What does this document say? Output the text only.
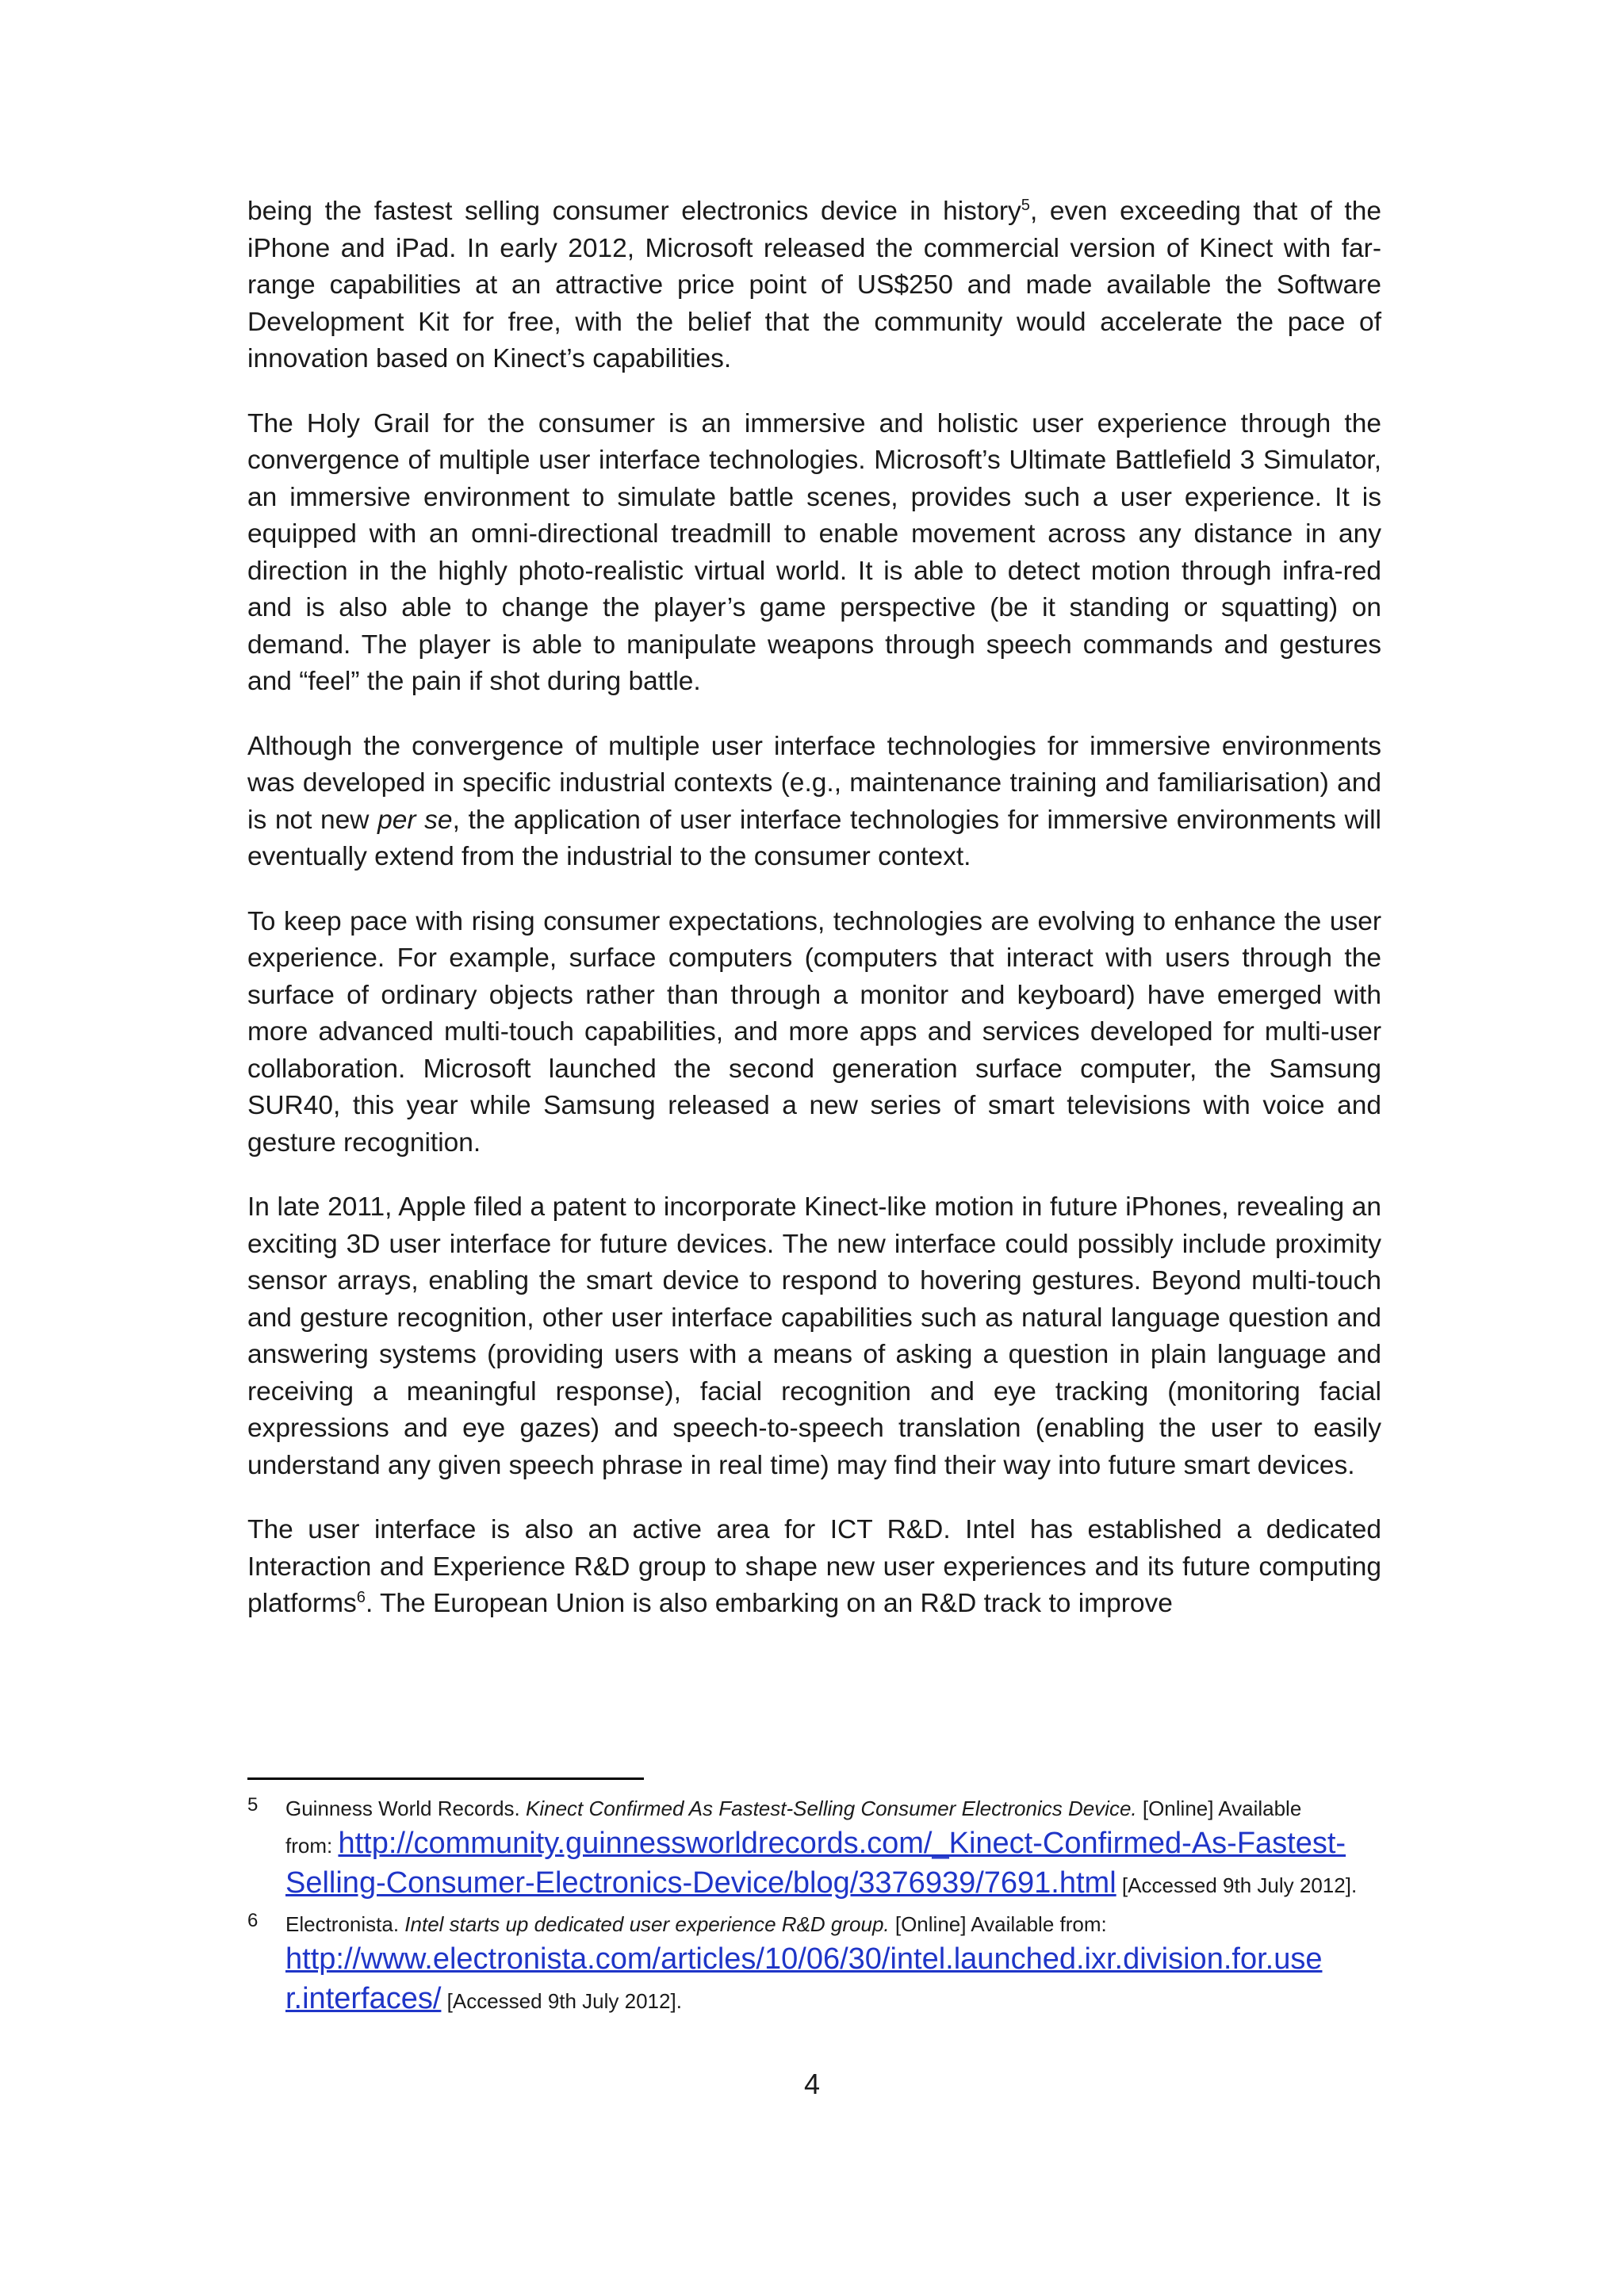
being the fastest selling consumer electronics device in history$^5$, even exceeding that of the iPhone and iPad. In early 2012, Microsoft released the commercial version of Kinect with far-range capabilities at an attractive price point of US$250 and made available the Software Development Kit for free, with the belief that the community would accelerate the pace of innovation based on Kinect’s capabilities.

The Holy Grail for the consumer is an immersive and holistic user experience through the convergence of multiple user interface technologies. Microsoft’s Ultimate Battlefield 3 Simulator, an immersive environment to simulate battle scenes, provides such a user experience. It is equipped with an omni-directional treadmill to enable movement across any distance in any direction in the highly photo-realistic virtual world. It is able to detect motion through infra-red and is also able to change the player’s game perspective (be it standing or squatting) on demand. The player is able to manipulate weapons through speech commands and gestures and “feel” the pain if shot during battle.

Although the convergence of multiple user interface technologies for immersive environments was developed in specific industrial contexts (e.g., maintenance training and familiarisation) and is not new per se, the application of user interface technologies for immersive environments will eventually extend from the industrial to the consumer context.

To keep pace with rising consumer expectations, technologies are evolving to enhance the user experience. For example, surface computers (computers that interact with users through the surface of ordinary objects rather than through a monitor and keyboard) have emerged with more advanced multi-touch capabilities, and more apps and services developed for multi-user collaboration. Microsoft launched the second generation surface computer, the Samsung SUR40, this year while Samsung released a new series of smart televisions with voice and gesture recognition.

In late 2011, Apple filed a patent to incorporate Kinect-like motion in future iPhones, revealing an exciting 3D user interface for future devices. The new interface could possibly include proximity sensor arrays, enabling the smart device to respond to hovering gestures. Beyond multi-touch and gesture recognition, other user interface capabilities such as natural language question and answering systems (providing users with a means of asking a question in plain language and receiving a meaningful response), facial recognition and eye tracking (monitoring facial expressions and eye gazes) and speech-to-speech translation (enabling the user to easily understand any given speech phrase in real time) may find their way into future smart devices.

The user interface is also an active area for ICT R&D. Intel has established a dedicated Interaction and Experience R&D group to shape new user experiences and its future computing platforms$^6$. The European Union is also embarking on an R&D track to improve

5 Guinness World Records. Kinect Confirmed As Fastest-Selling Consumer Electronics Device. [Online] Available
from: http://community.guinnessworldrecords.com/_Kinect-Confirmed-As-Fastest-
Selling-Consumer-Electronics-Device/blog/3376939/7691.html [Accessed 9th July 2012].
6 Electronista. Intel starts up dedicated user experience R&D group. [Online] Available from:
http://www.electronista.com/articles/10/06/30/intel.launched.ixr.division.for.use
r.interfaces/ [Accessed 9th July 2012].
4
